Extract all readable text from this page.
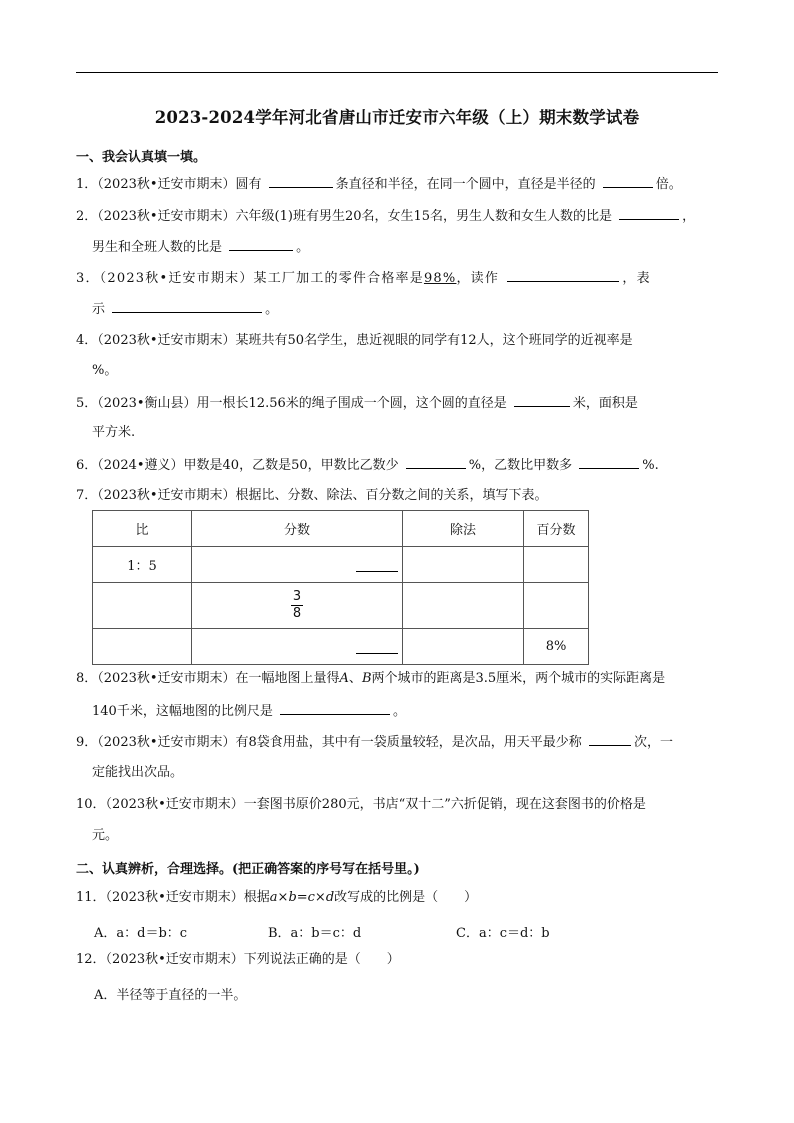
2023-2024学年河北省唐山市迁安市六年级（上）期末数学试卷
一、我会认真填一填。
1．（2023秋•迁安市期末）圆有	条直径和半径，在同一个圆中，直径是半径的	倍。
2．（2023秋•迁安市期末）六年级(1)班有男生20名，女生15名，男生人数和女生人数的比是	，
男生和全班人数的比是	。
3．（2023秋•迁安市期末）某工厂加工的零件合格率是98%，读作	，表
示	。
4．（2023秋•迁安市期末）某班共有50名学生，患近视眼的同学有12人，这个班同学的近视率是
%。
5．（2023•衡山县）用一根长12.56米的绳子围成一个圆，这个圆的直径是	米，面积是
平方米.
6．（2024•遵义）甲数是40，乙数是50，甲数比乙数少	%，乙数比甲数多	%.
7．（2023秋•迁安市期末）根据比、分数、除法、百分数之间的关系，填写下表。
比	分数	除法	百分数
1：5			
	$\frac{3}{8}$		
			8%
8．（2023秋•迁安市期末）在一幅地图上量得A、B两个城市的距离是3.5厘米，两个城市的实际距离是
140千米，这幅地图的比例尺是	。
9．（2023秋•迁安市期末）有8袋食用盐，其中有一袋质量较轻，是次品，用天平最少称	次，一
定能找出次品。
10．（2023秋•迁安市期末）一套图书原价280元，书店“双十二”六折促销，现在这套图书的价格是
元。
二、认真辨析，合理选择。(把正确答案的序号写在括号里。)
11．（2023秋•迁安市期末）根据a×b=c×d改写成的比例是（　　）
A．a：d＝b：c	B．a：b＝c：d	C．a：c＝d：b
12．（2023秋•迁安市期末）下列说法正确的是（　　）
A．半径等于直径的一半。
